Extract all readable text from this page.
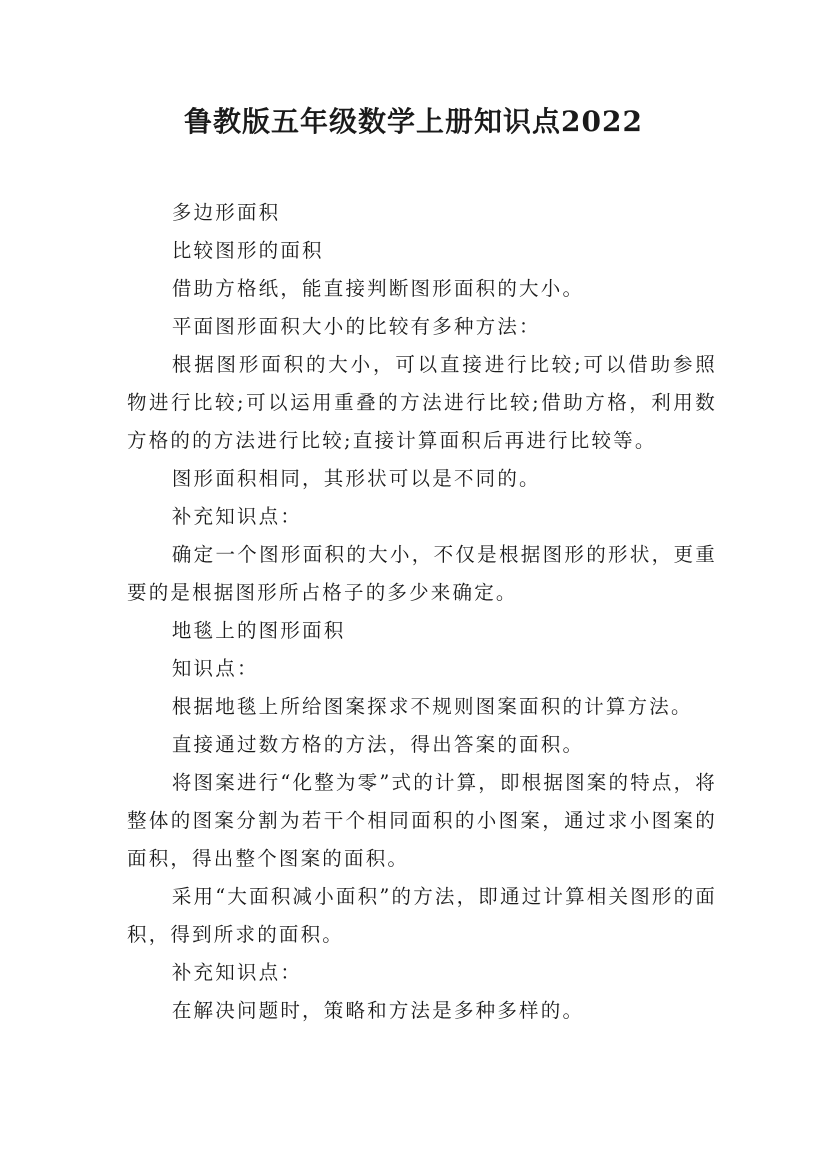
鲁教版五年级数学上册知识点2022

多边形面积

比较图形的面积

借助方格纸，能直接判断图形面积的大小。

平面图形面积大小的比较有多种方法：

根据图形面积的大小，可以直接进行比较;可以借助参照物进行比较;可以运用重叠的方法进行比较;借助方格，利用数方格的的方法进行比较;直接计算面积后再进行比较等。

图形面积相同，其形状可以是不同的。

补充知识点：

确定一个图形面积的大小，不仅是根据图形的形状，更重要的是根据图形所占格子的多少来确定。

地毯上的图形面积

知识点：

根据地毯上所给图案探求不规则图案面积的计算方法。

直接通过数方格的方法，得出答案的面积。

将图案进行“化整为零”式的计算，即根据图案的特点，将整体的图案分割为若干个相同面积的小图案，通过求小图案的面积，得出整个图案的面积。

采用“大面积减小面积”的方法，即通过计算相关图形的面积，得到所求的面积。

补充知识点：

在解决问题时，策略和方法是多种多样的。
